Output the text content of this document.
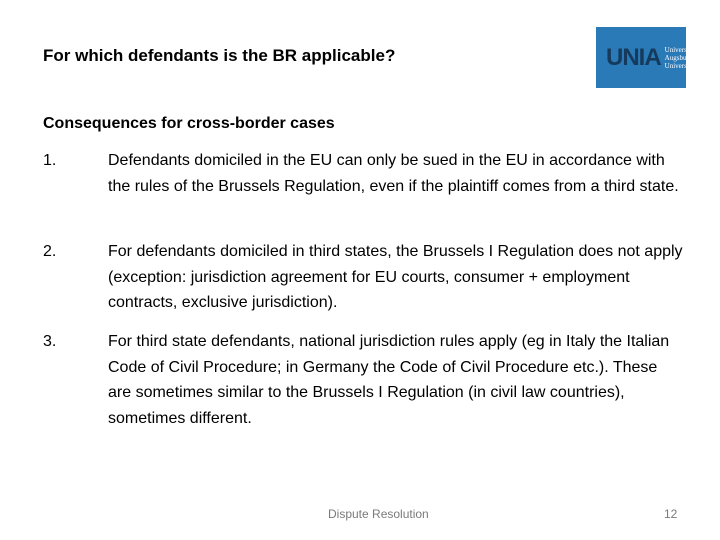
For which defendants is the BR applicable?	UNIA Universität
Augsburg
University
Consequences for cross-border cases
1.	Defendants domiciled in the EU can only be sued in the EU in accordance with the rules of the Brussels Regulation, even if the plaintiff comes from a third state.
2.	For defendants domiciled in third states, the Brussels I Regulation does not apply (exception: jurisdiction agreement for EU courts, consumer + employment contracts, exclusive jurisdiction).
3.	For third state defendants, national jurisdiction rules apply (eg in Italy the Italian Code of Civil Procedure; in Germany the Code of Civil Procedure etc.). These are sometimes similar to the Brussels I Regulation (in civil law countries), sometimes different.
Dispute Resolution	12
